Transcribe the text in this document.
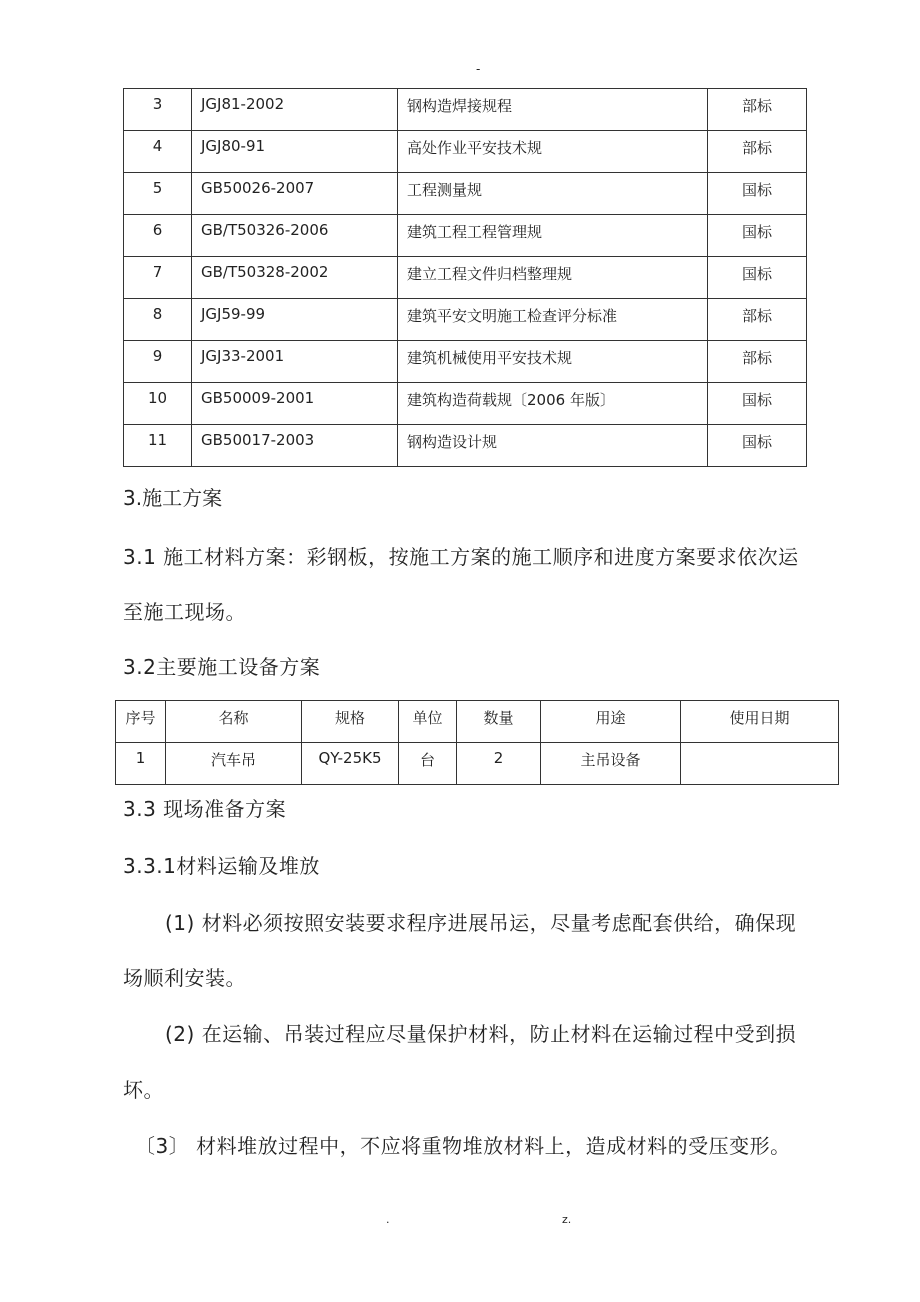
-
3	JGJ81-2002	钢构造焊接规程	部标
4	JGJ80-91	高处作业平安技术规	部标
5	GB50026-2007	工程测量规	国标
6	GB/T50326-2006	建筑工程工程管理规	国标
7	GB/T50328-2002	建立工程文件归档整理规	国标
8	JGJ59-99	建筑平安文明施工检查评分标准	部标
9	JGJ33-2001	建筑机械使用平安技术规	部标
10	GB50009-2001	建筑构造荷载规〔2006 年版〕	国标
11	GB50017-2003	钢构造设计规	国标
3.施工方案
3.1 施工材料方案：彩钢板，按施工方案的施工顺序和进度方案要求依次运
至施工现场。
3.2主要施工设备方案
序号	名称	规格	单位	数量	用途	使用日期
1	汽车吊	QY-25K5	台	2	主吊设备	
3.3 现场准备方案
3.3.1材料运输及堆放
(1) 材料必须按照安装要求程序进展吊运，尽量考虑配套供给，确保现
场顺利安装。
(2) 在运输、吊装过程应尽量保护材料，防止材料在运输过程中受到损
坏。
〔3〕 材料堆放过程中，不应将重物堆放材料上，造成材料的受压变形。
.	z.
